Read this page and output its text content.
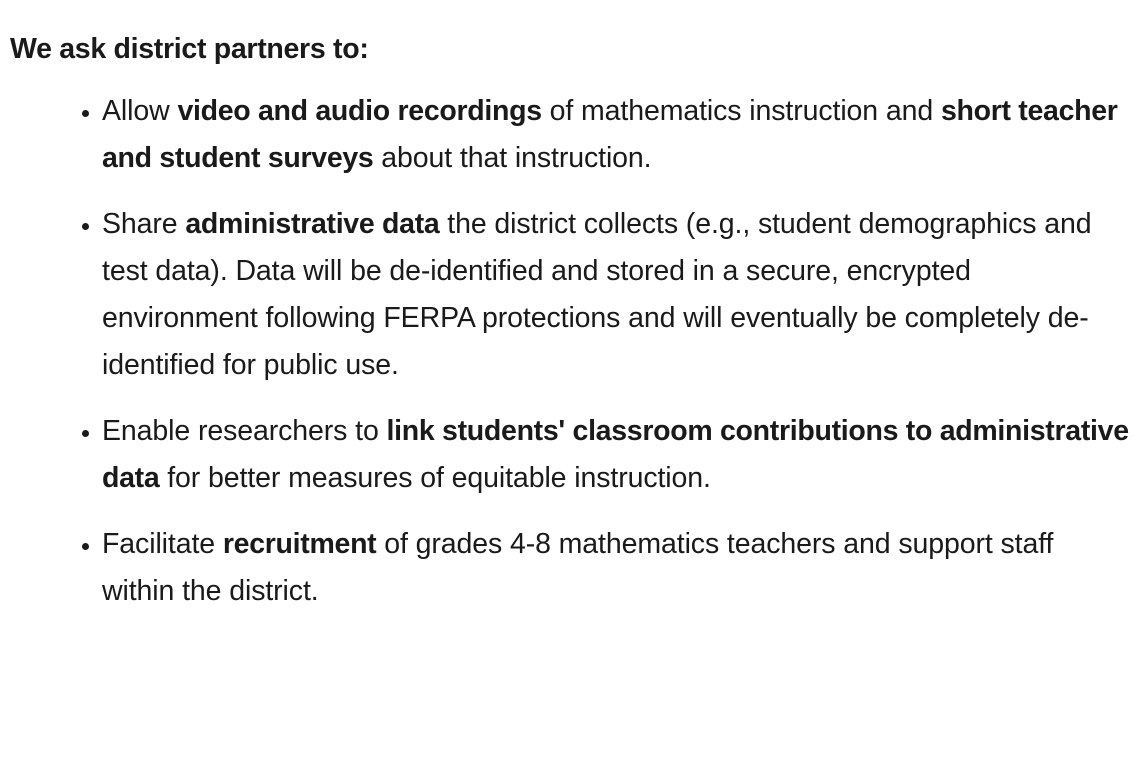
We ask district partners to:
• Allow video and audio recordings of mathematics instruction and short teacher and student surveys about that instruction.
• Share administrative data the district collects (e.g., student demographics and test data). Data will be de-identified and stored in a secure, encrypted environment following FERPA protections and will eventually be completely de-identified for public use.
• Enable researchers to link students' classroom contributions to administrative data for better measures of equitable instruction.
• Facilitate recruitment of grades 4-8 mathematics teachers and support staff within the district.
